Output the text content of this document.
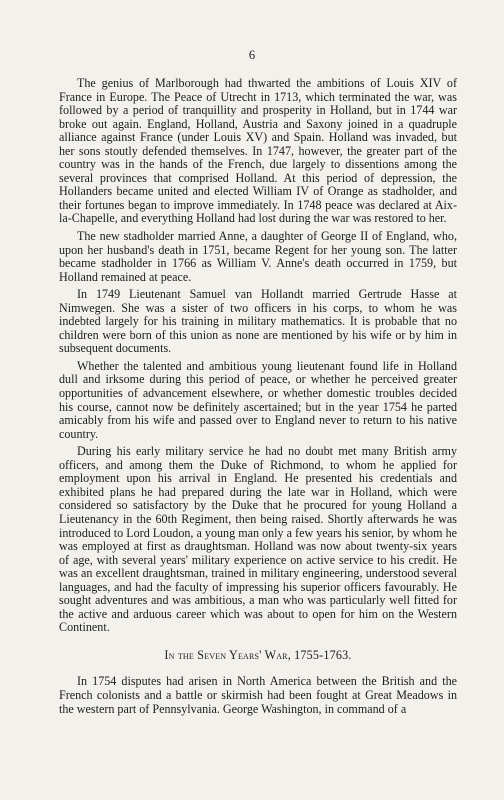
6

The genius of Marlborough had thwarted the ambitions of Louis XIV of France in Europe. The Peace of Utrecht in 1713, which terminated the war, was followed by a period of tranquillity and prosperity in Holland, but in 1744 war broke out again. England, Holland, Austria and Saxony joined in a quadruple alliance against France (under Louis XV) and Spain. Holland was invaded, but her sons stoutly defended themselves. In 1747, however, the greater part of the country was in the hands of the French, due largely to dissentions among the several provinces that comprised Holland. At this period of depression, the Hollanders became united and elected William IV of Orange as stadholder, and their fortunes began to improve immediately. In 1748 peace was declared at Aix-la-Chapelle, and everything Holland had lost during the war was restored to her.

The new stadholder married Anne, a daughter of George II of England, who, upon her husband's death in 1751, became Regent for her young son. The latter became stadholder in 1766 as William V. Anne's death occurred in 1759, but Holland remained at peace.

In 1749 Lieutenant Samuel van Hollandt married Gertrude Hasse at Nimwegen. She was a sister of two officers in his corps, to whom he was indebted largely for his training in military mathematics. It is probable that no children were born of this union as none are mentioned by his wife or by him in subsequent documents.

Whether the talented and ambitious young lieutenant found life in Holland dull and irksome during this period of peace, or whether he perceived greater opportunities of advancement elsewhere, or whether domestic troubles decided his course, cannot now be definitely ascertained; but in the year 1754 he parted amicably from his wife and passed over to England never to return to his native country.

During his early military service he had no doubt met many British army officers, and among them the Duke of Richmond, to whom he applied for employment upon his arrival in England. He presented his credentials and exhibited plans he had prepared during the late war in Holland, which were considered so satisfactory by the Duke that he procured for young Holland a Lieutenancy in the 60th Regiment, then being raised. Shortly afterwards he was introduced to Lord Loudon, a young man only a few years his senior, by whom he was employed at first as draughtsman. Holland was now about twenty-six years of age, with several years' military experience on active service to his credit. He was an excellent draughtsman, trained in military engineering, understood several languages, and had the faculty of impressing his superior officers favourably. He sought adventures and was ambitious, a man who was particularly well fitted for the active and arduous career which was about to open for him on the Western Continent.

In the Seven Years' War, 1755-1763.

In 1754 disputes had arisen in North America between the British and the French colonists and a battle or skirmish had been fought at Great Meadows in the western part of Pennsylvania. George Washington, in command of a
